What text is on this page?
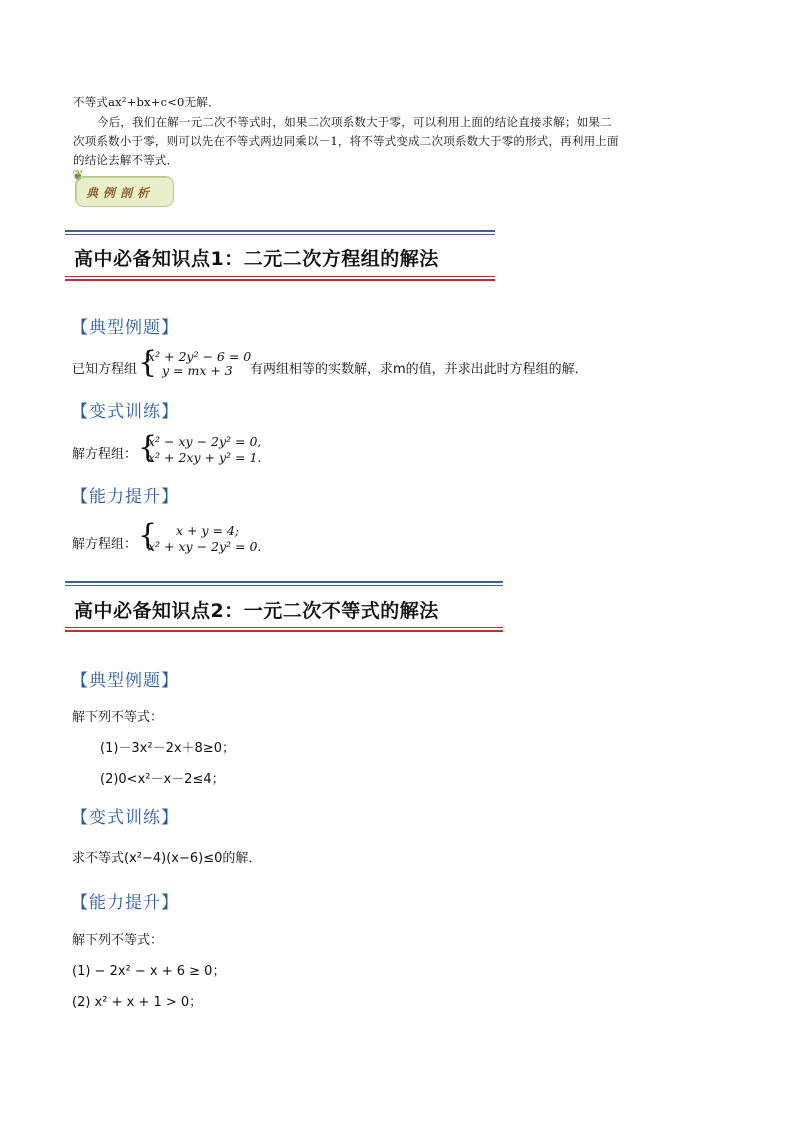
不等式ax²+bx+c<0无解．
今后，我们在解一元二次不等式时，如果二次项系数大于零，可以利用上面的结论直接求解；如果二
次项系数小于零，则可以先在不等式两边同乘以－1，将不等式变成二次项系数大于零的形式，再利用上面
的结论去解不等式．
❦
典例剖析
高中必备知识点1：二元二次方程组的解法
【典型例题】
已知方程组 {
x² + 2y² − 6 = 0
y = mx + 3 有两组相等的实数解，求m的值，并求出此时方程组的解．
【变式训练】
解方程组： {
x² − xy − 2y² = 0,
x² + 2xy + y² = 1.
【能力提升】
解方程组： { x + y = 4;
x² + xy − 2y² = 0.
高中必备知识点2：一元二次不等式的解法
【典型例题】
解下列不等式：
(1)－3x²－2x＋8≥0；
(2)0<x²－x－2≤4；
【变式训练】
求不等式(x²−4)(x−6)≤0的解．
【能力提升】
解下列不等式：
(1) − 2x² − x + 6 ≥ 0；
(2) x² + x + 1 > 0；
